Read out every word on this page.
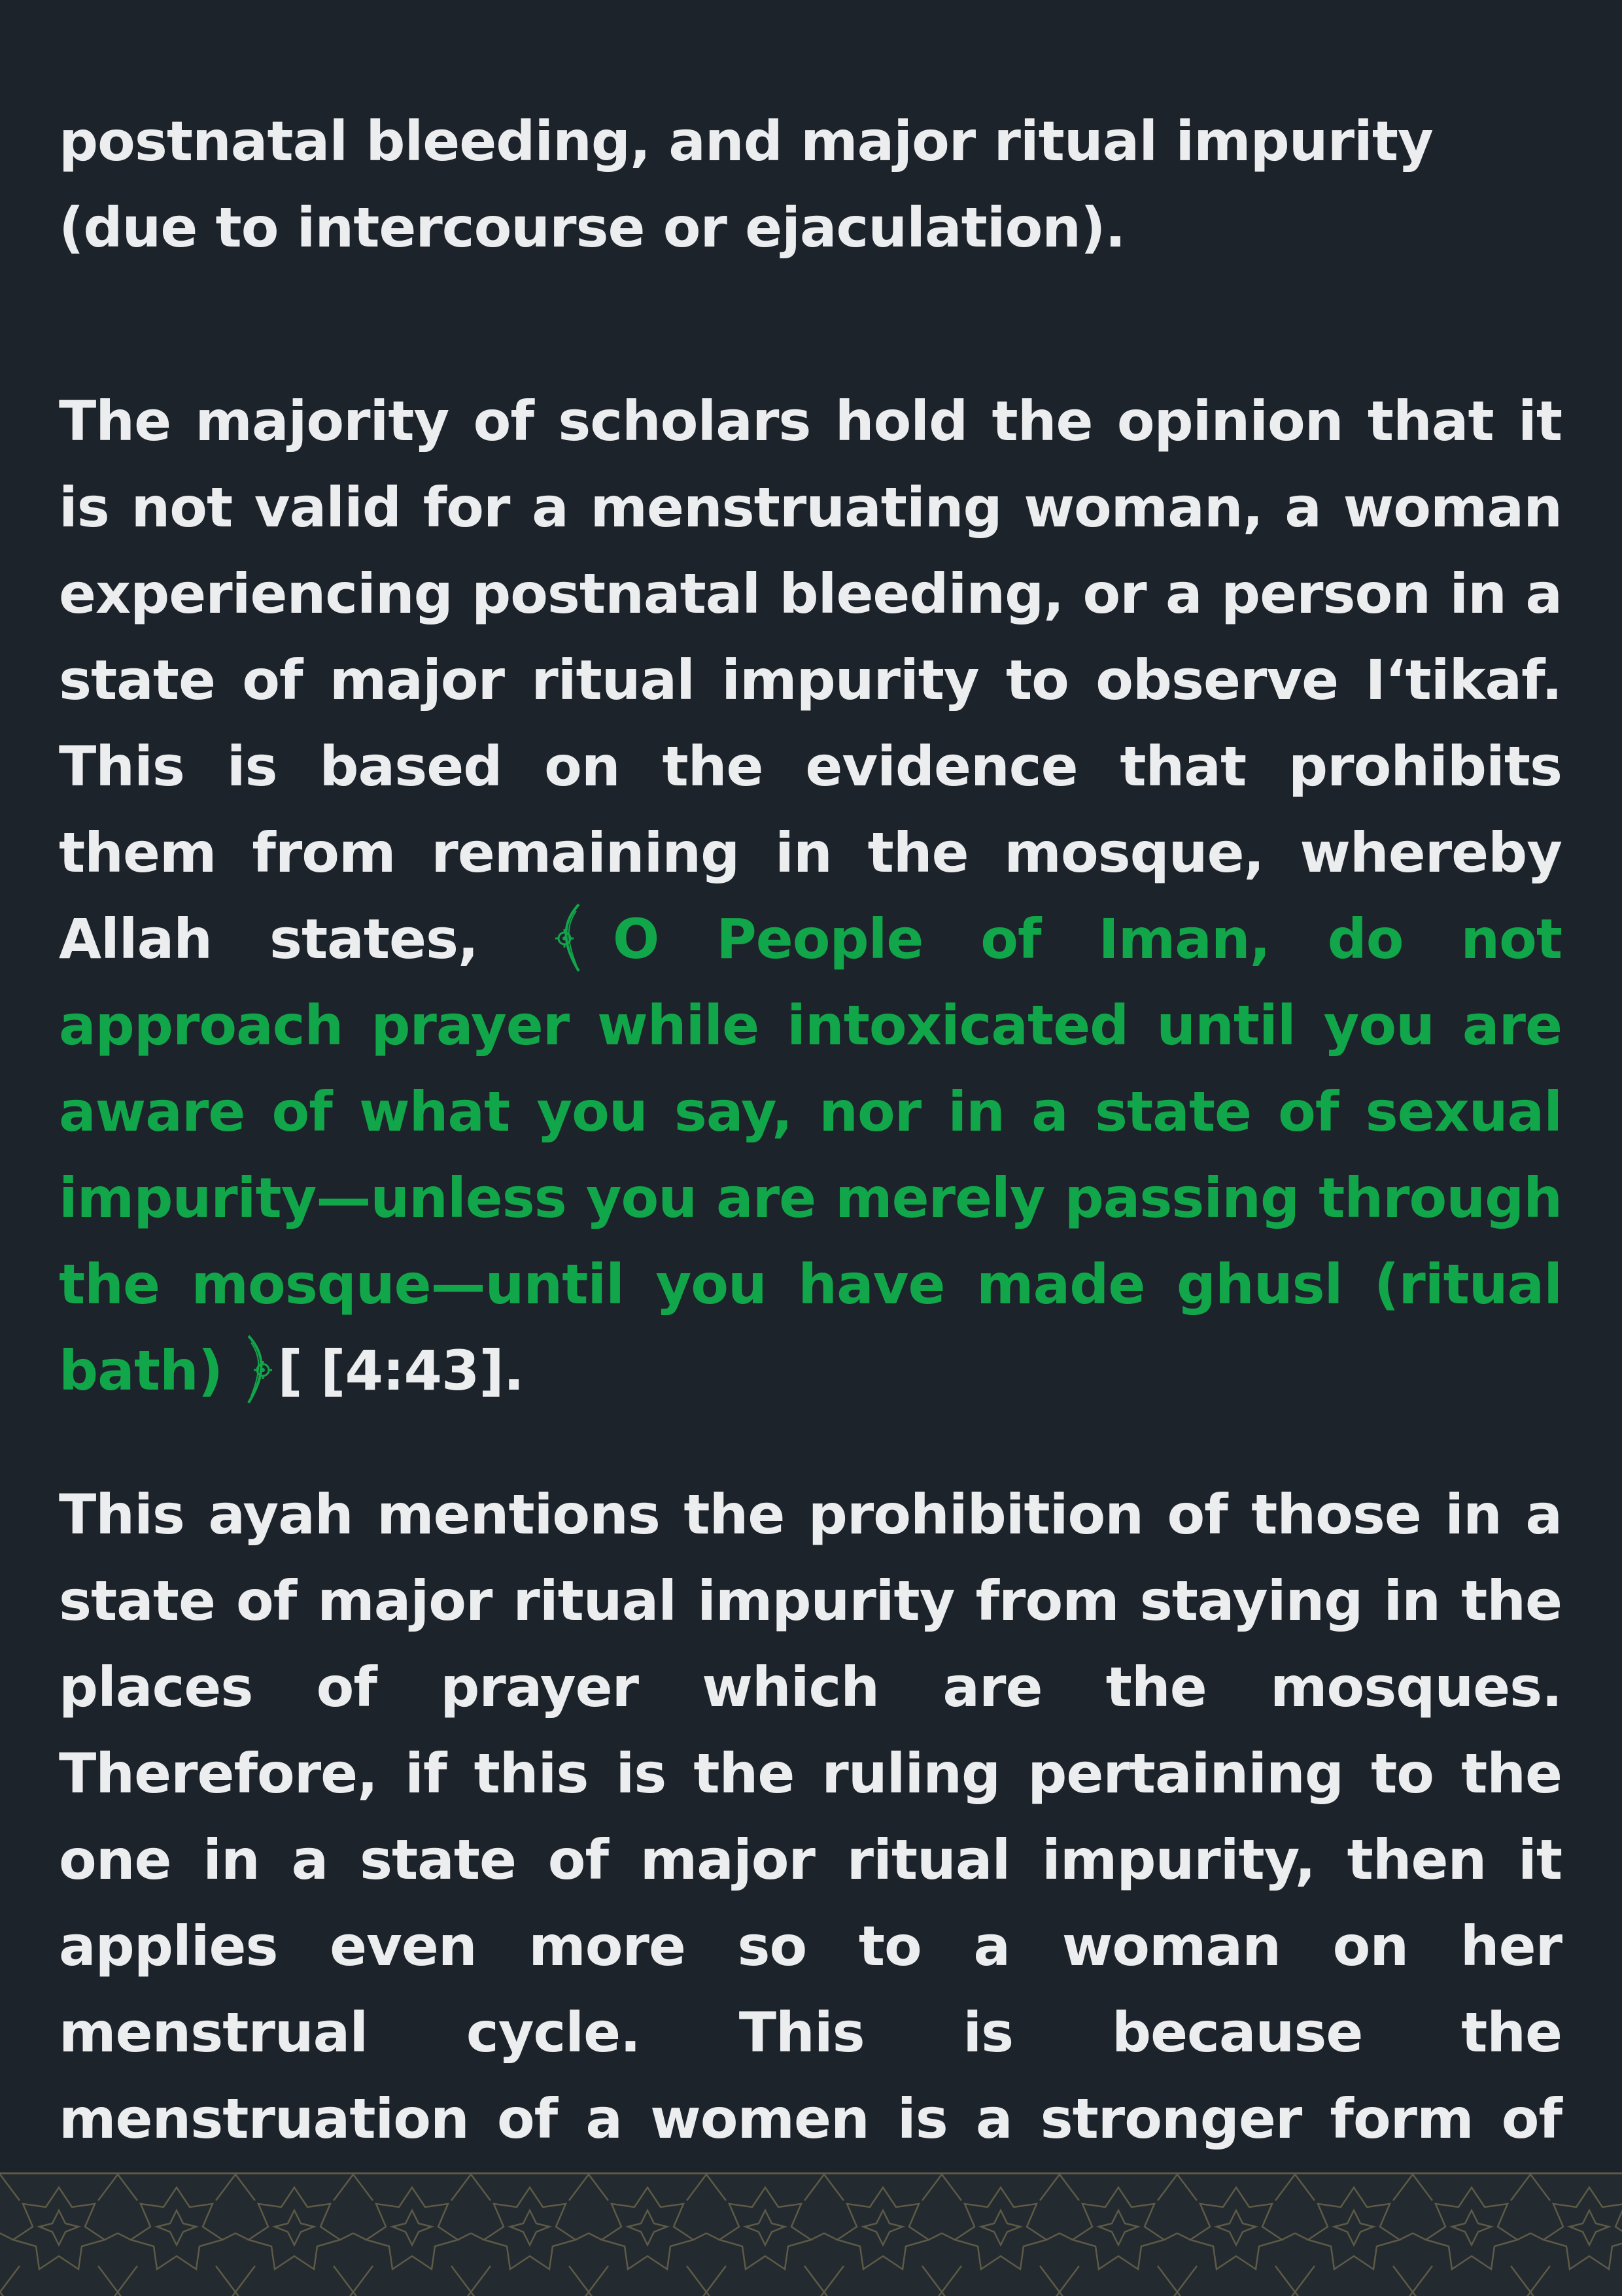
postnatal bleeding, and major ritual impurity (due to intercourse or ejaculation).

The majority of scholars hold the opinion that it is not valid for a menstruating woman, a woman experiencing postnatal bleeding, or a person in a state of major ritual impurity to observe I‘tikaf. This is based on the evidence that prohibits them from remaining in the mosque, whereby Allah states, O People of Iman, do not approach prayer while intoxicated until you are aware of what you say, nor in a state of sexual impurity—unless you are merely passing through the mosque—until you have made ghusl (ritual bath) [ [4:43].

This ayah mentions the prohibition of those in a state of major ritual impurity from staying in the places of prayer which are the mosques. Therefore, if this is the ruling pertaining to the one in a state of major ritual impurity, then it applies even more so to a woman on her menstrual cycle. This is because the menstruation of a women is a stronger form of
